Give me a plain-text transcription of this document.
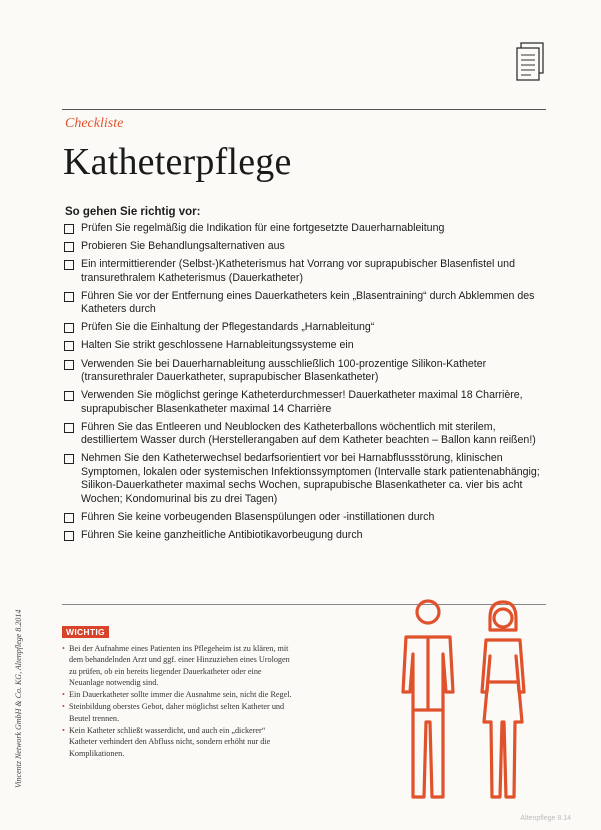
Checkliste
Katheterpflege
So gehen Sie richtig vor:
Prüfen Sie regelmäßig die Indikation für eine fortgesetzte Dauerharnableitung
Probieren Sie Behandlungsalternativen aus
Ein intermittierender (Selbst-)Katheterismus hat Vorrang vor suprapubischer Blasenfistel und transurethralem Katheterismus (Dauerkatheter)
Führen Sie vor der Entfernung eines Dauerkatheters kein „Blasentraining“ durch Abklemmen des Katheters durch
Prüfen Sie die Einhaltung der Pflegestandards „Harnableitung“
Halten Sie strikt geschlossene Harnableitungssysteme ein
Verwenden Sie bei Dauerharnableitung ausschließlich 100-prozentige Silikon-Katheter (transurethraler Dauerkatheter, suprapubischer Blasenkatheter)
Verwenden Sie möglichst geringe Katheterdurchmesser! Dauerkatheter maximal 18 Charrière, suprapubischer Blasenkatheter maximal 14 Charrière
Führen Sie das Entleeren und Neublocken des Katheterballons wöchentlich mit sterilem, destilliertem Wasser durch (Herstellerangaben auf dem Katheter beachten – Ballon kann reißen!)
Nehmen Sie den Katheterwechsel bedarfsorientiert vor bei Harnabflussstörung, klinischen Symptomen, lokalen oder systemischen Infektionssymptomen (Intervalle stark patientenabhängig; Silikon-Dauerkatheter maximal sechs Wochen, suprapubische Blasenkatheter ca. vier bis acht Wochen; Kondomurinal bis zu drei Tagen)
Führen Sie keine vorbeugenden Blasenspülungen oder -instillationen durch
Führen Sie keine ganzheitliche Antibiotikavorbeugung durch
WICHTIG
• Bei der Aufnahme eines Patienten ins Pflegeheim ist zu klären, mit dem behandelnden Arzt und ggf. einer Hinzuziehen eines Urologen zu prüfen, ob ein bereits liegender Dauerkatheter oder eine Neuanlage notwendig sind.
• Ein Dauerkatheter sollte immer die Ausnahme sein, nicht die Regel.
• Steinbildung oberstes Gebot, daher möglichst selten Katheter und Beutel trennen.
• Kein Katheter schließt wasserdicht, und auch ein „dickerer“ Katheter verhindert den Abfluss nicht, sondern erhöht nur die Komplikationen.
Vincentz Network GmbH & Co. KG, Altenpflege 8.2014
Altenpflege 8.14
